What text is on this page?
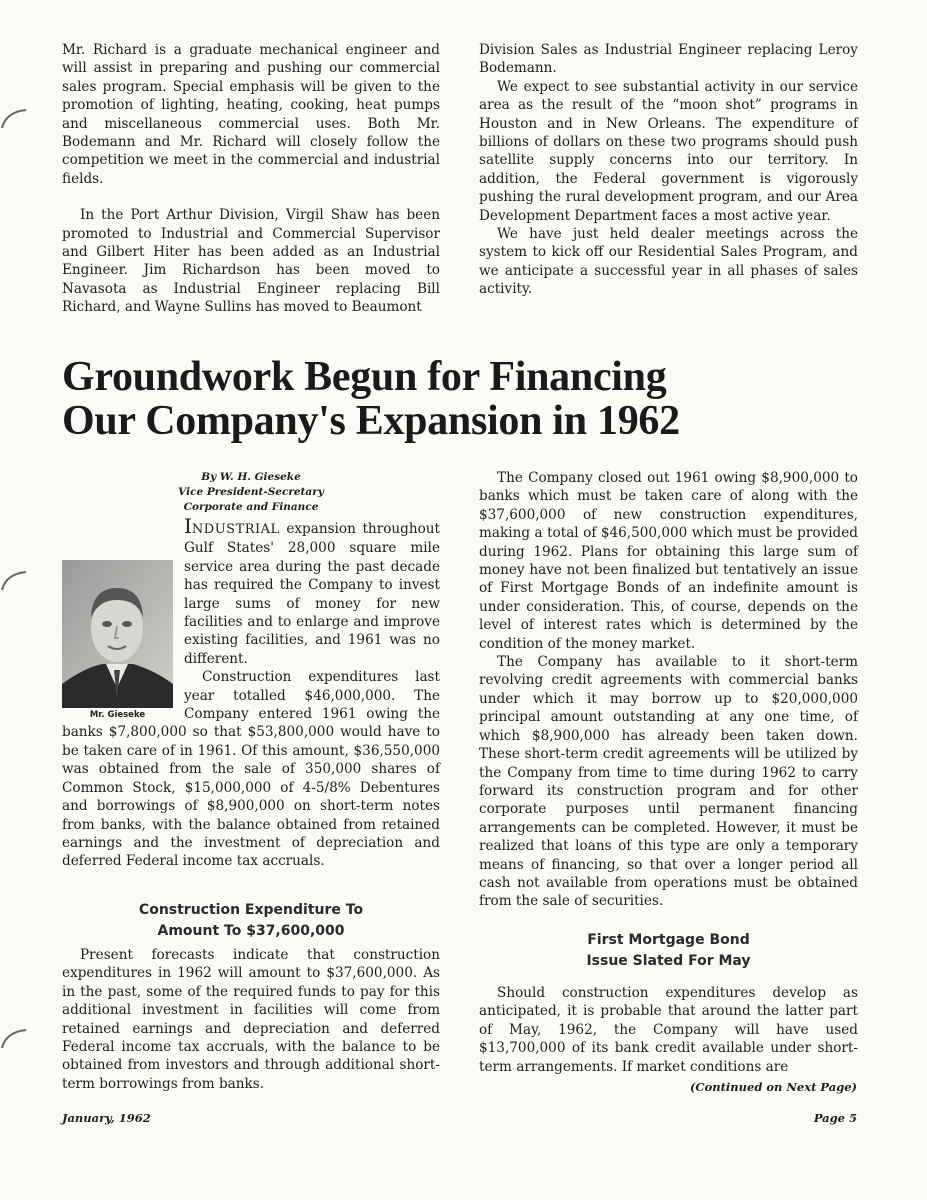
Mr. Richard is a graduate mechanical engineer and will assist in preparing and pushing our commercial sales program. Special emphasis will be given to the promotion of lighting, heating, cooking, heat pumps and miscellaneous commercial uses. Both Mr. Bodemann and Mr. Richard will closely follow the competition we meet in the commercial and industrial fields.

In the Port Arthur Division, Virgil Shaw has been promoted to Industrial and Commercial Supervisor and Gilbert Hiter has been added as an Industrial Engineer. Jim Richardson has been moved to Navasota as Industrial Engineer replacing Bill Richard, and Wayne Sullins has moved to Beaumont

Division Sales as Industrial Engineer replacing Leroy Bodemann.

We expect to see substantial activity in our service area as the result of the “moon shot” programs in Houston and in New Orleans. The expenditure of billions of dollars on these two programs should push satellite supply concerns into our territory. In addition, the Federal government is vigorously pushing the rural development program, and our Area Development Department faces a most active year.

We have just held dealer meetings across the system to kick off our Residential Sales Program, and we anticipate a successful year in all phases of sales activity.

Groundwork Begun for Financing
Our Company's Expansion in 1962
By W. H. Gieseke
Vice President-Secretary
Corporate and Finance
Mr. Gieseke

INDUSTRIAL
expansion throughout Gulf States' 28,000 square mile service area during the past decade has required the Company to invest large sums of money for new facilities and to enlarge and improve existing facilities, and 1961 was no different.

Construction expenditures last year totalled $46,000,000. The Company entered 1961 owing the banks $7,800,000 so that $53,800,000 would have to be taken care of in 1961. Of this amount, $36,550,000 was obtained from the sale of 350,000 shares of Common Stock, $15,000,000 of 4-5/8% Debentures and borrowings of $8,900,000 on short-term notes from banks, with the balance obtained from retained earnings and the investment of depreciation and deferred Federal income tax accruals.

Construction Expenditure To
Amount To $37,600,000

Present forecasts indicate that construction expenditures in 1962 will amount to $37,600,000. As in the past, some of the required funds to pay for this additional investment in facilities will come from retained earnings and depreciation and deferred Federal income tax accruals, with the balance to be obtained from investors and through additional short-term borrowings from banks.

The Company closed out 1961 owing $8,900,000 to banks which must be taken care of along with the $37,600,000 of new construction expenditures, making a total of $46,500,000 which must be provided during 1962. Plans for obtaining this large sum of money have not been finalized but tentatively an issue of First Mortgage Bonds of an indefinite amount is under consideration. This, of course, depends on the level of interest rates which is determined by the condition of the money market.

The Company has available to it short-term revolving credit agreements with commercial banks under which it may borrow up to $20,000,000 principal amount outstanding at any one time, of which $8,900,000 has already been taken down. These short-term credit agreements will be utilized by the Company from time to time during 1962 to carry forward its construction program and for other corporate purposes until permanent financing arrangements can be completed. However, it must be realized that loans of this type are only a temporary means of financing, so that over a longer period all cash not available from operations must be obtained from the sale of securities.

First Mortgage Bond
Issue Slated For May

Should construction expenditures develop as anticipated, it is probable that around the latter part of May, 1962, the Company will have used $13,700,000 of its bank credit available under short-term arrangements. If market conditions are

(Continued on Next Page)
January, 1962	Page 5
